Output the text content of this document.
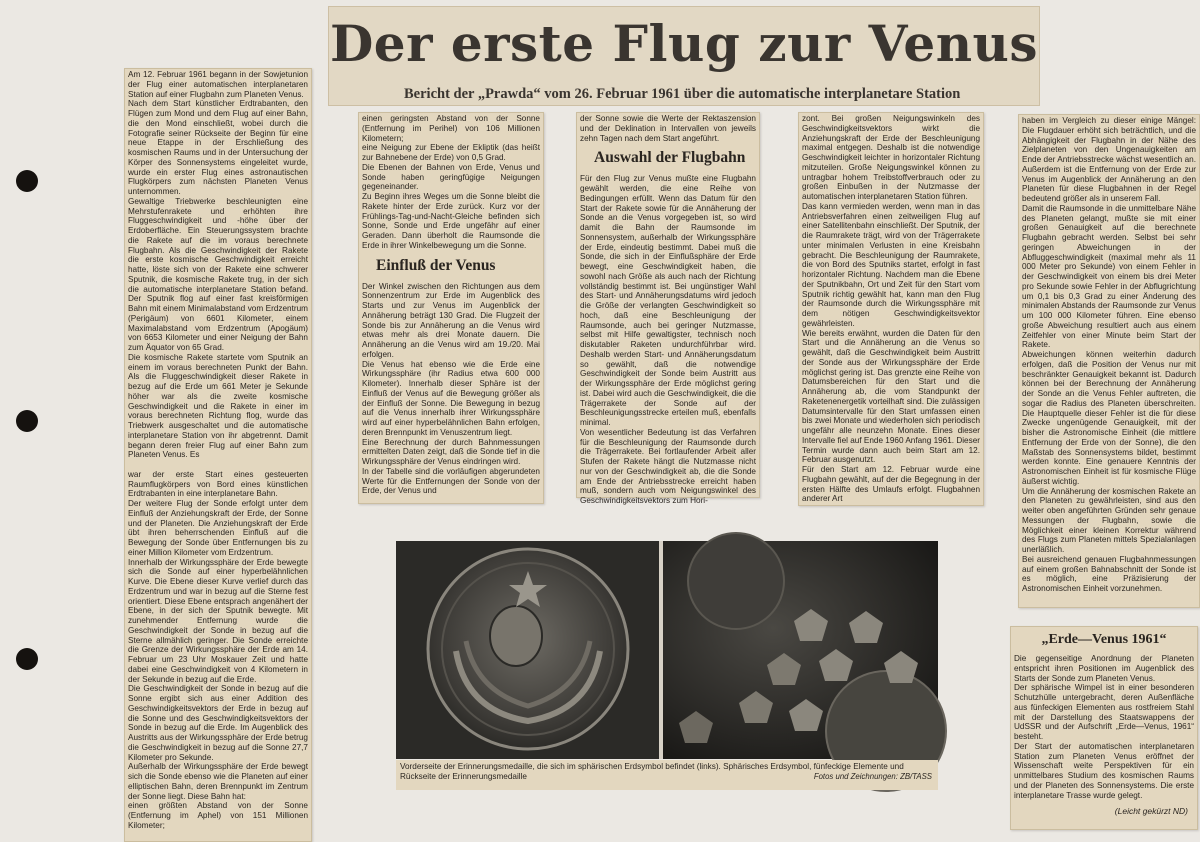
Der erste Flug zur Venus
Bericht der „Prawda“ vom 26. Februar 1961 über die automatische interplanetare Station
Am 12. Februar 1961 begann in der Sowjetunion der Flug einer automatischen interplanetaren Station auf einer Flugbahn zum Planeten Venus.
Nach dem Start künstlicher Erdtrabanten, den Flügen zum Mond und dem Flug auf einer Bahn, die den Mond einschließt, wobei durch die Fotografie seiner Rückseite der Beginn für eine neue Etappe in der Erschließung des kosmischen Raums und in der Untersuchung der Körper des Sonnensystems eingeleitet wurde, wurde ein erster Flug eines astronautischen Flugkörpers zum nächsten Planeten Venus unternommen.
Gewaltige Triebwerke beschleunigten eine Mehrstufenrakete und erhöhten ihre Fluggeschwindigkeit und -höhe über der Erdoberfläche. Ein Steuerungssystem brachte die Rakete auf die im voraus berechnete Flugbahn. Als die Geschwindigkeit der Rakete die erste kosmische Geschwindigkeit erreicht hatte, löste sich von der Rakete eine schwerer Sputnik, die kosmische Rakete trug, in der sich die automatische interplanetare Station befand. Der Sputnik flog auf einer fast kreisförmigen Bahn mit einem Minimalabstand vom Erdzentrum (Perigäum) von 6601 Kilometer, einem Maximalabstand vom Erdzentrum (Apogäum) von 6653 Kilometer und einer Neigung der Bahn zum Äquator von 65 Grad.
Die kosmische Rakete startete vom Sputnik an einem im voraus berechneten Punkt der Bahn. Als die Fluggeschwindigkeit dieser Rakete in bezug auf die Erde um 661 Meter je Sekunde höher war als die zweite kosmische Geschwindigkeit und die Rakete in einer im voraus berechneten Richtung flog, wurde das Triebwerk ausgeschaltet und die automatische interplanetare Station von ihr abgetrennt. Damit begann deren freier Flug auf einer Bahn zum Planeten Venus. Es

war der erste Start eines gesteuerten Raumflugkörpers von Bord eines künstlichen Erdtrabanten in eine interplanetare Bahn.
Der weitere Flug der Sonde erfolgt unter dem Einfluß der Anziehungskraft der Erde, der Sonne und der Planeten. Die Anziehungskraft der Erde übt ihren beherrschenden Einfluß auf die Bewegung der Sonde über Entfernungen bis zu einer Million Kilometer vom Erdzentrum.
Innerhalb der Wirkungssphäre der Erde bewegte sich die Sonde auf einer hyperbelähnlichen Kurve. Die Ebene dieser Kurve verlief durch das Erdzentrum und war in bezug auf die Sterne fest orientiert. Diese Ebene entsprach angenähert der Ebene, in der sich der Sputnik bewegte. Mit zunehmender Entfernung wurde die Geschwindigkeit der Sonde in bezug auf die Sterne allmählich geringer. Die Sonde erreichte die Grenze der Wirkungssphäre der Erde am 14. Februar um 23 Uhr Moskauer Zeit und hatte dabei eine Geschwindigkeit von 4 Kilometern in der Sekunde in bezug auf die Erde.
Die Geschwindigkeit der Sonde in bezug auf die Sonne ergibt sich aus einer Addition des Geschwindigkeitsvektors der Erde in bezug auf die Sonne und des Geschwindigkeitsvektors der Sonde in bezug auf die Erde. Im Augenblick des Austritts aus der Wirkungssphäre der Erde betrug die Geschwindigkeit in bezug auf die Sonne 27,7 Kilometer pro Sekunde.
Außerhalb der Wirkungssphäre der Erde bewegt sich die Sonde ebenso wie die Planeten auf einer elliptischen Bahn, deren Brennpunkt im Zentrum der Sonne liegt. Diese Bahn hat:
einen größten Abstand von der Sonne (Entfernung im Aphel) von 151 Millionen Kilometer;
einen geringsten Abstand von der Sonne (Entfernung im Perihel) von 106 Millionen Kilometern;
eine Neigung zur Ebene der Ekliptik (das heißt zur Bahnebene der Erde) von 0,5 Grad.
Die Ebenen der Bahnen von Erde, Venus und Sonde haben geringfügige Neigungen gegeneinander.
Zu Beginn ihres Weges um die Sonne bleibt die Rakete hinter der Erde zurück. Kurz vor der Frühlings-Tag-und-Nacht-Gleiche befinden sich Sonne, Sonde und Erde ungefähr auf einer Geraden. Dann überholt die Raumsonde die Erde in ihrer Winkelbewegung um die Sonne.
Einfluß der Venus
Der Winkel zwischen den Richtungen aus dem Sonnenzentrum zur Erde im Augenblick des Starts und zur Venus im Augenblick der Annäherung beträgt 130 Grad. Die Flugzeit der Sonde bis zur Annäherung an die Venus wird etwas mehr als drei Monate dauern. Die Annäherung an die Venus wird am 19./20. Mai erfolgen.
Die Venus hat ebenso wie die Erde eine Wirkungssphäre (ihr Radius etwa 600 000 Kilometer). Innerhalb dieser Sphäre ist der Einfluß der Venus auf die Bewegung größer als der Einfluß der Sonne. Die Bewegung in bezug auf die Venus innerhalb ihrer Wirkungssphäre wird auf einer hyperbelähnlichen Bahn erfolgen, deren Brennpunkt im Venuszentrum liegt.
Eine Berechnung der durch Bahnmessungen ermittelten Daten zeigt, daß die Sonde tief in die Wirkungssphäre der Venus eindringen wird.
In der Tabelle sind die vorläufigen abgerundeten Werte für die Entfernungen der Sonde von der Erde, der Venus und
der Sonne sowie die Werte der Rektaszension und der Deklination in Intervallen von jeweils zehn Tagen nach dem Start angeführt.
Auswahl der Flugbahn
Für den Flug zur Venus mußte eine Flugbahn gewählt werden, die eine Reihe von Bedingungen erfüllt. Wenn das Datum für den Start der Rakete sowie für die Annäherung der Sonde an die Venus vorgegeben ist, so wird damit die Bahn der Raumsonde im Sonnensystem, außerhalb der Wirkungssphäre der Erde, eindeutig bestimmt. Dabei muß die Sonde, die sich in der Einflußsphäre der Erde bewegt, eine Geschwindigkeit haben, die sowohl nach Größe als auch nach der Richtung vollständig bestimmt ist. Bei ungünstiger Wahl des Start- und Annäherungsdatums wird jedoch die Größe der verlangten Geschwindigkeit so hoch, daß eine Beschleunigung der Raumsonde, auch bei geringer Nutzmasse, selbst mit Hilfe gewaltigster, technisch noch diskutabler Raketen undurchführbar wird. Deshalb werden Start- und Annäherungsdatum so gewählt, daß die notwendige Geschwindigkeit der Sonde beim Austritt aus der Wirkungssphäre der Erde möglichst gering ist. Dabei wird auch die Geschwindigkeit, die die Trägerrakete der Sonde auf der Beschleunigungsstrecke erteilen muß, ebenfalls minimal.
Von wesentlicher Bedeutung ist das Verfahren für die Beschleunigung der Raumsonde durch die Trägerrakete. Bei fortlaufender Arbeit aller Stufen der Rakete hängt die Nutzmasse nicht nur von der Geschwindigkeit ab, die die Sonde am Ende der Antriebsstrecke erreicht haben muß, sondern auch vom Neigungswinkel des Geschwindigkeitsvektors zum Hori-
zont. Bei großen Neigungswinkeln des Geschwindigkeitsvektors wirkt die Anziehungskraft der Erde der Beschleunigung maximal entgegen. Deshalb ist die notwendige Geschwindigkeit leichter in horizontaler Richtung mitzuteilen. Große Neigungswinkel können zu untragbar hohem Treibstoffverbrauch oder zu großen Einbußen in der Nutzmasse der automatischen interplanetaren Station führen.
Das kann vermieden werden, wenn man in das Antriebsverfahren einen zeitweiligen Flug auf einer Satellitenbahn einschließt. Der Sputnik, der die Raumrakete trägt, wird von der Trägerrakete unter minimalen Verlusten in eine Kreisbahn gebracht. Die Beschleunigung der Raumrakete, die von Bord des Sputniks startet, erfolgt in fast horizontaler Richtung. Nachdem man die Ebene der Sputnikbahn, Ort und Zeit für den Start vom Sputnik richtig gewählt hat, kann man den Flug der Raumsonde durch die Wirkungssphäre mit dem nötigen Geschwindigkeitsvektor gewährleisten.
Wie bereits erwähnt, wurden die Daten für den Start und die Annäherung an die Venus so gewählt, daß die Geschwindigkeit beim Austritt der Sonde aus der Wirkungssphäre der Erde möglichst gering ist. Das grenzte eine Reihe von Datumsbereichen für den Start und die Annäherung ab, die vom Standpunkt der Raketenenergetik vorteilhaft sind. Die zulässigen Datumsintervalle für den Start umfassen einen bis zwei Monate und wiederholen sich periodisch ungefähr alle neunzehn Monate. Eines dieser Intervalle fiel auf Ende 1960 Anfang 1961. Dieser Termin wurde dann auch beim Start am 12. Februar ausgenutzt.
Für den Start am 12. Februar wurde eine Flugbahn gewählt, auf der die Begegnung in der ersten Hälfte des Umlaufs erfolgt. Flugbahnen anderer Art
haben im Vergleich zu dieser einige Mängel: Die Flugdauer erhöht sich beträchtlich, und die Abhängigkeit der Flugbahn in der Nähe des Zielplaneten von den Ungenauigkeiten am Ende der Antriebsstrecke wächst wesentlich an. Außerdem ist die Entfernung von der Erde zur Venus im Augenblick der Annäherung an den Planeten für diese Flugbahnen in der Regel bedeutend größer als in unserem Fall.
Damit die Raumsonde in die unmittelbare Nähe des Planeten gelangt, mußte sie mit einer großen Genauigkeit auf die berechnete Flugbahn gebracht werden. Selbst bei sehr geringen Abweichungen in der Abfluggeschwindigkeit (maximal mehr als 11 000 Meter pro Sekunde) von einem Fehler in der Geschwindigkeit von einem bis drei Meter pro Sekunde sowie Fehler in der Abflugrichtung um 0,1 bis 0,3 Grad zu einer Änderung des minimalen Abstands der Raumsonde zur Venus um 100 000 Kilometer führen. Eine ebenso große Abweichung resultiert auch aus einem Zeitfehler von einer Minute beim Start der Rakete.
Abweichungen können weiterhin dadurch erfolgen, daß die Position der Venus nur mit beschränkter Genauigkeit bekannt ist. Dadurch können bei der Berechnung der Annäherung der Sonde an die Venus Fehler auftreten, die sogar die Radius des Planeten überschreiten. Die Hauptquelle dieser Fehler ist die für diese Zwecke ungenügende Genauigkeit, mit der bisher die Astronomische Einheit (die mittlere Entfernung der Erde von der Sonne), die den Maßstab des Sonnensystems bildet, bestimmt werden konnte. Eine genauere Kenntnis der Astronomischen Einheit ist für kosmische Flüge äußerst wichtig.
Um die Annäherung der kosmischen Rakete an den Planeten zu gewährleisten, sind aus den weiter oben angeführten Gründen sehr genaue Messungen der Flugbahn, sowie die Möglichkeit einer kleinen Korrektur während des Flugs zum Planeten mittels Spezialanlagen unerläßlich.
Bei ausreichend genauen Flugbahnmessungen auf einem großen Bahnabschnitt der Sonde ist es möglich, eine Präzisierung der Astronomischen Einheit vorzunehmen.
„Erde—Venus 1961“
Die gegenseitige Anordnung der Planeten entspricht ihren Positionen im Augenblick des Starts der Sonde zum Planeten Venus.
Der sphärische Wimpel ist in einer besonderen Schutzhülle untergebracht, deren Außenfläche aus fünfeckigen Elementen aus rostfreiem Stahl mit der Darstellung des Staatswappens der UdSSR und der Aufschrift „Erde—Venus, 1961“ besteht.
Der Start der automatischen interplanetaren Station zum Planeten Venus eröffnet der Wissenschaft weite Perspektiven für ein unmittelbares Studium des kosmischen Raums und der Planeten des Sonnensystems. Die erste interplanetare Trasse wurde gelegt.
(Leicht gekürzt ND)
Vorderseite der Erinnerungsmedaille, die sich im sphärischen Erdsymbol befindet (links). Sphärisches Erdsymbol, fünfeckige Elemente und Rückseite der Erinnerungsmedaille	Fotos und Zeichnungen: ZB/TASS
